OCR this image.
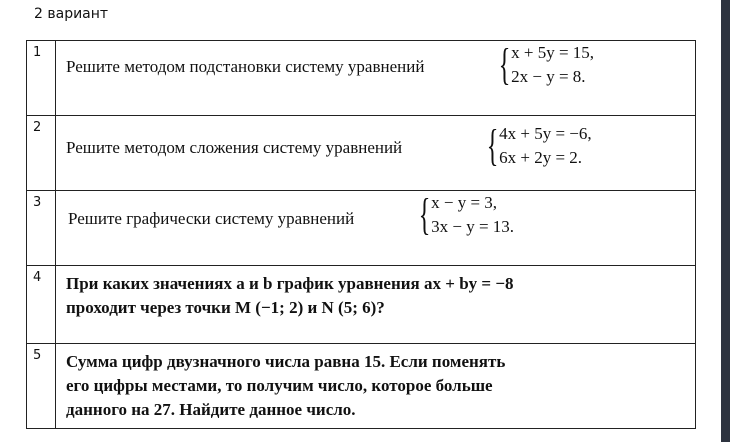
2 вариант
1	Решите методом подстановки систему уравнений { x + 5y = 15,
2x − y = 8.

2	Решите методом сложения систему уравнений { 4x + 5y = −6,
6x + 2y = 2.

3	Решите графически систему уравнений { x − y = 3,
3x − y = 13.

4	При каких значениях a и b график уравнения ax + by = −8
проходит через точки M (−1; 2) и N (5; 6)?

5	Сумма цифр двузначного числа равна 15. Если поменять
его цифры местами, то получим число, которое больше
данного на 27. Найдите данное число.
